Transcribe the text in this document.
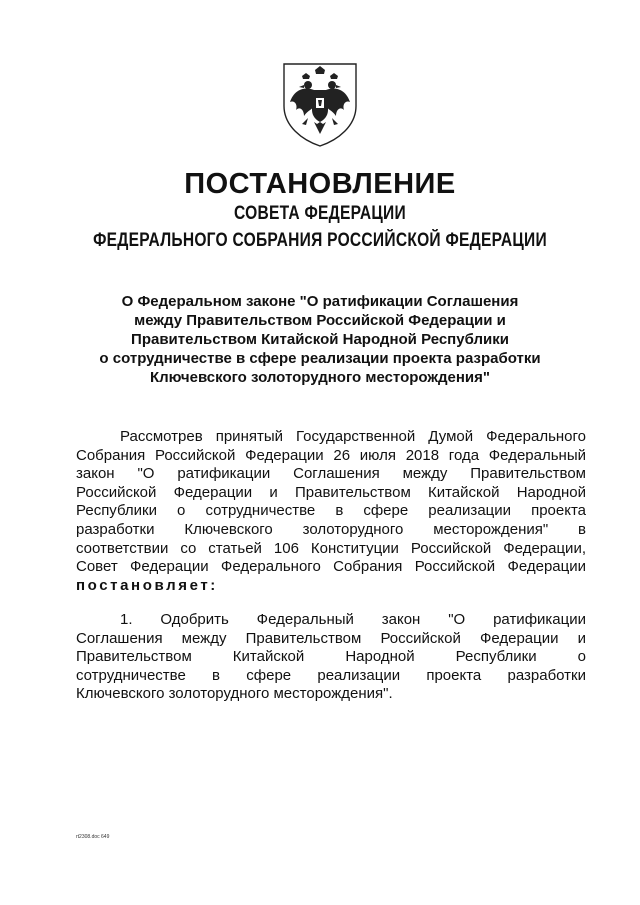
ПОСТАНОВЛЕНИЕ
СОВЕТА ФЕДЕРАЦИИ
ФЕДЕРАЛЬНОГО СОБРАНИЯ РОССИЙСКОЙ ФЕДЕРАЦИИ
О Федеральном законе "О ратификации Соглашения
между Правительством Российской Федерации и
Правительством Китайской Народной Республики
о сотрудничестве в сфере реализации проекта разработки
Ключевского золоторудного месторождения"
Рассмотрев принятый Государственной Думой Федерального
Собрания Российской Федерации 26 июля 2018 года Федеральный
закон "О ратификации Соглашения между Правительством
Российской Федерации и Правительством Китайской Народной
Республики о сотрудничестве в сфере реализации проекта
разработки Ключевского золоторудного месторождения" в
соответствии со статьей 106 Конституции Российской Федерации,
Совет Федерации Федерального Собрания Российской Федерации
постановляет:
1. Одобрить Федеральный закон "О ратификации
Соглашения между Правительством Российской Федерации и
Правительством Китайской Народной Республики о
сотрудничестве в сфере реализации проекта разработки
Ключевского золоторудного месторождения".
rt2308.doc 649
